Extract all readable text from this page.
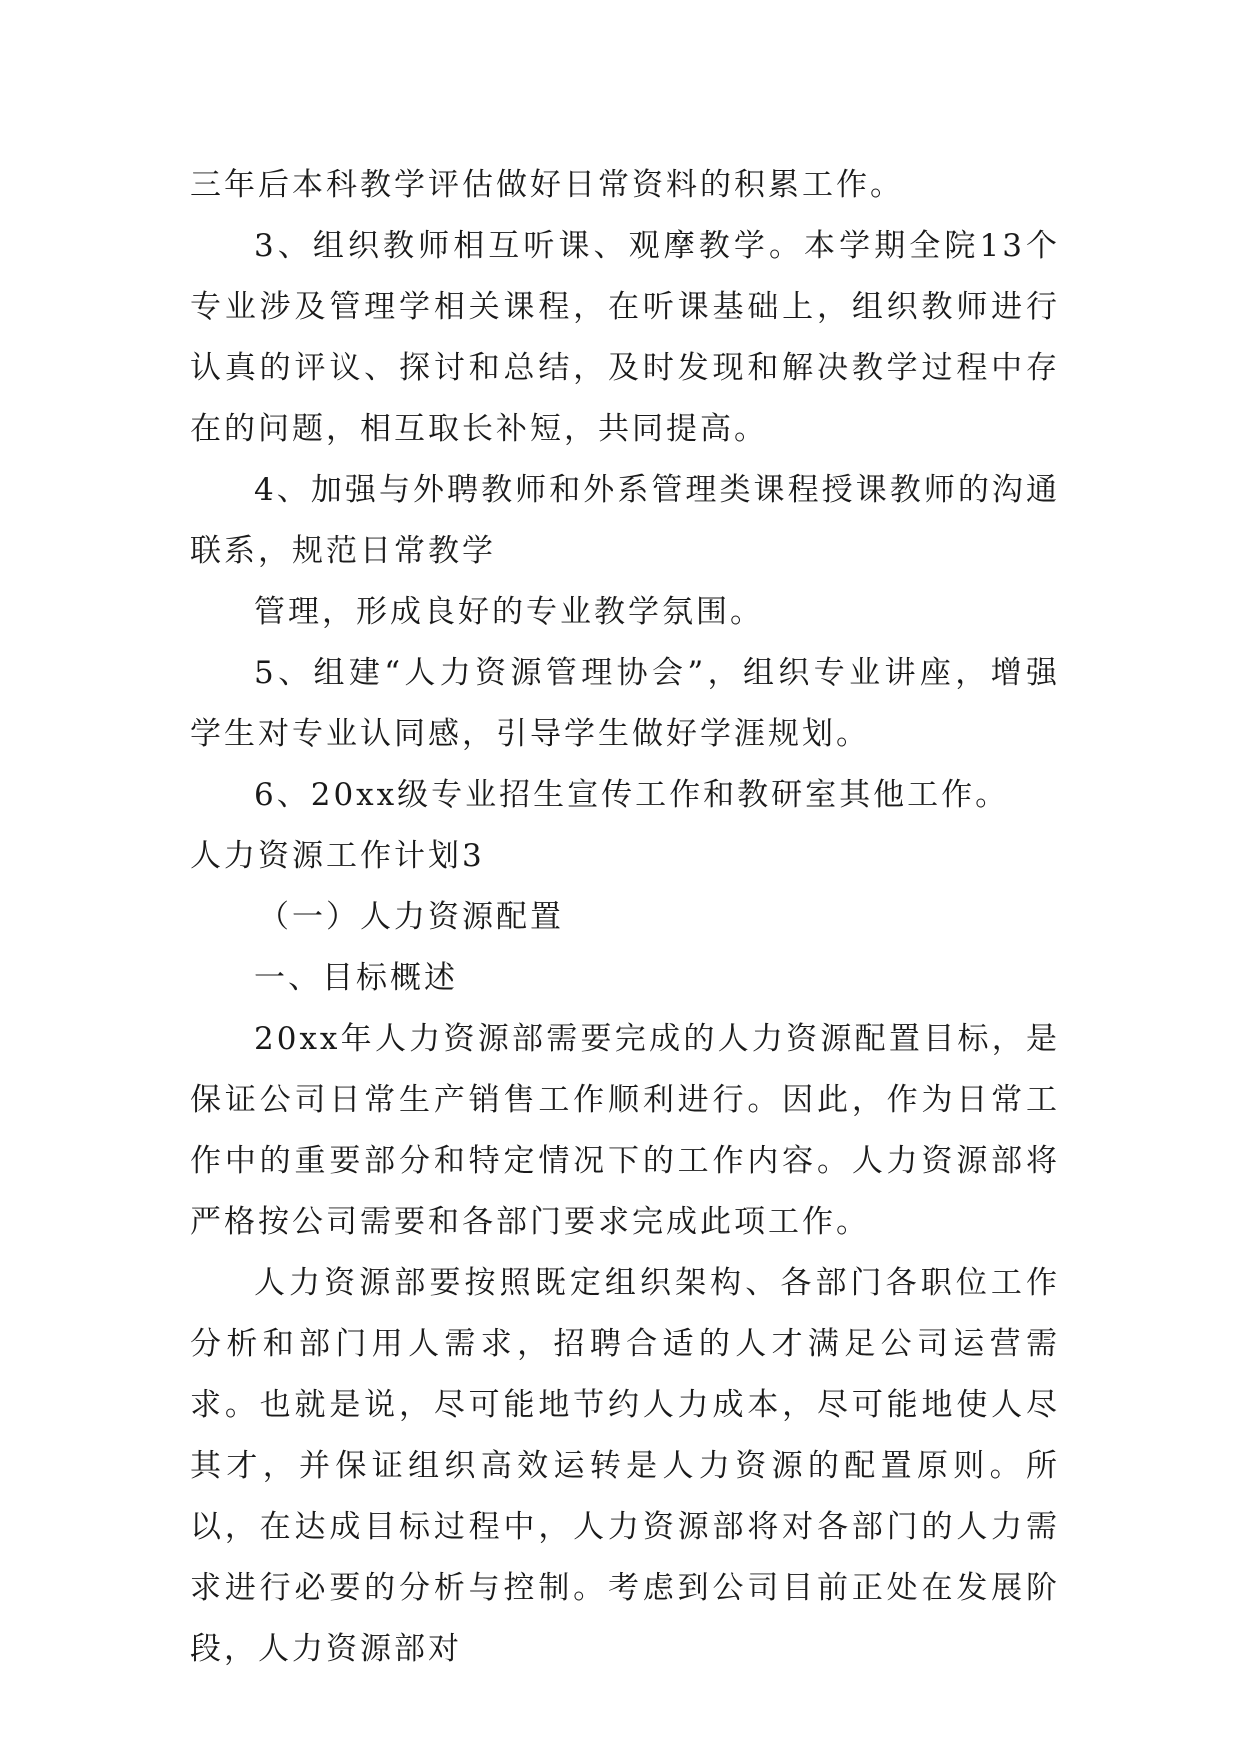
三年后本科教学评估做好日常资料的积累工作。

3、组织教师相互听课、观摩教学。本学期全院13个专业涉及管理学相关课程，在听课基础上，组织教师进行认真的评议、探讨和总结，及时发现和解决教学过程中存在的问题，相互取长补短，共同提高。

4、加强与外聘教师和外系管理类课程授课教师的沟通联系，规范日常教学

管理，形成良好的专业教学氛围。

5、组建“人力资源管理协会”，组织专业讲座，增强学生对专业认同感，引导学生做好学涯规划。

6、20xx级专业招生宣传工作和教研室其他工作。

人力资源工作计划3

（一）人力资源配置

一、目标概述

20xx年人力资源部需要完成的人力资源配置目标，是保证公司日常生产销售工作顺利进行。因此，作为日常工作中的重要部分和特定情况下的工作内容。人力资源部将严格按公司需要和各部门要求完成此项工作。

人力资源部要按照既定组织架构、各部门各职位工作分析和部门用人需求，招聘合适的人才满足公司运营需求。也就是说，尽可能地节约人力成本，尽可能地使人尽其才，并保证组织高效运转是人力资源的配置原则。所以，在达成目标过程中，人力资源部将对各部门的人力需求进行必要的分析与控制。考虑到公司目前正处在发展阶段，人力资源部对
